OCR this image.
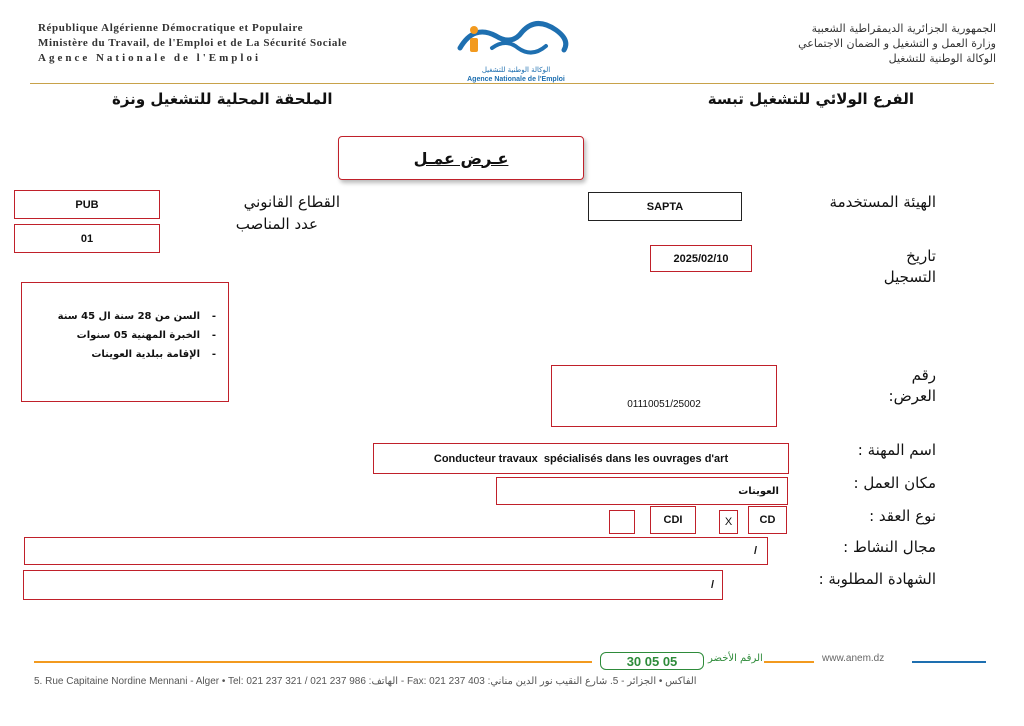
République Algérienne Démocratique et Populaire
Ministère du Travail, de l'Emploi et de La Sécurité Sociale
Agence Nationale de l'Emploi
الجمهورية الجزائرية الديمقراطية الشعبية
وزارة العمل و التشغيل و الضمان الاجتماعي
الوكالة الوطنية للتشغيل
الوكالة الوطنية للتشغيل
Agence Nationale de l'Emploi
الفرع الولائي للتشغيل تبسة
الملحقة المحلية للتشغيل ونزة
عـرض عمـل
الهيئة المستخدمة
SAPTA
القطاع القانوني
PUB
عدد المناصب
01
تاريخ
التسجيل
2025/02/10
السن من 28 سنة ال 45 سنة
الخبرة المهنية 05 سنوات
الإقامة ببلدية العوينات
-
-
-
رقم
العرض:
01110051/25002
اسم المهنة :
Conducteur travaux  spécialisés dans les ouvrages d'art
مكان العمل :
العوينات
نوع العقد :
CD
X
CDI
مجال النشاط :
/
الشهادة المطلوبة :
/
30 05 05	الرقم الأخضر	www.anem.dz
5. Rue Capitaine Nordine Mennani - Alger • Tel: 021 237 321 / 021 237 986 :الهاتف - Fax: 021 237 403 :الفاكس • الجزائر - 5. شارع النقيب نور الدين مناني
